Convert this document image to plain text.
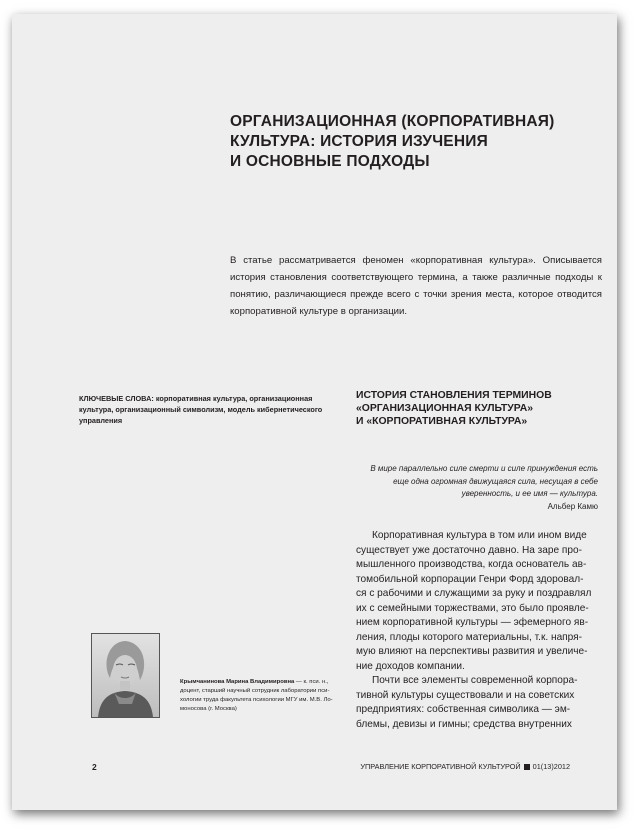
ОРГАНИЗАЦИОННАЯ (КОРПОРАТИВНАЯ)
КУЛЬТУРА: ИСТОРИЯ ИЗУЧЕНИЯ
И ОСНОВНЫЕ ПОДХОДЫ

В статье рассматривается феномен «корпоративная культура». Описывается история становления соответствующего термина, а также различные подходы к понятию, различающиеся прежде всего с точки зрения места, которое отводится корпоративной культуре в организации.

КЛЮЧЕВЫЕ СЛОВА: корпоративная культура, организационная культура, организационный символизм, модель кибернетического управления

ИСТОРИЯ СТАНОВЛЕНИЯ ТЕРМИНОВ
«ОРГАНИЗАЦИОННАЯ КУЛЬТУРА»
И «КОРПОРАТИВНАЯ КУЛЬТУРА»
В мире параллельно силе смерти и силе принуждения есть
еще одна огромная движущаяся сила, несущая в себе
уверенность, и ее имя — культура.
Альбер Камю
Корпоративная культура в том или ином виде
существует уже достаточно давно. На заре про-
мышленного производства, когда основатель ав-
томобильной корпорации Генри Форд здоровал-
ся с рабочими и служащими за руку и поздравлял
их с семейными торжествами, это было проявле-
нием корпоративной культуры — эфемерного яв-
ления, плоды которого материальны, т.к. напря-
мую влияют на перспективы развития и увеличе-
ние доходов компании.
Почти все элементы современной корпора-
тивной культуры существовали и на советских
предприятиях: собственная символика — эм-
блемы, девизы и гимны; средства внутренних
Крымчанинова Марина Владимировна — к. пси. н.,
доцент, старший научный сотрудник лаборатории пси-
хологии труда факультета психологии МГУ им. М.В. Ло-
моносова (г. Москва)
2	УПРАВЛЕНИЕ КОРПОРАТИВНОЙ КУЛЬТУРОЙ 01(13)2012
